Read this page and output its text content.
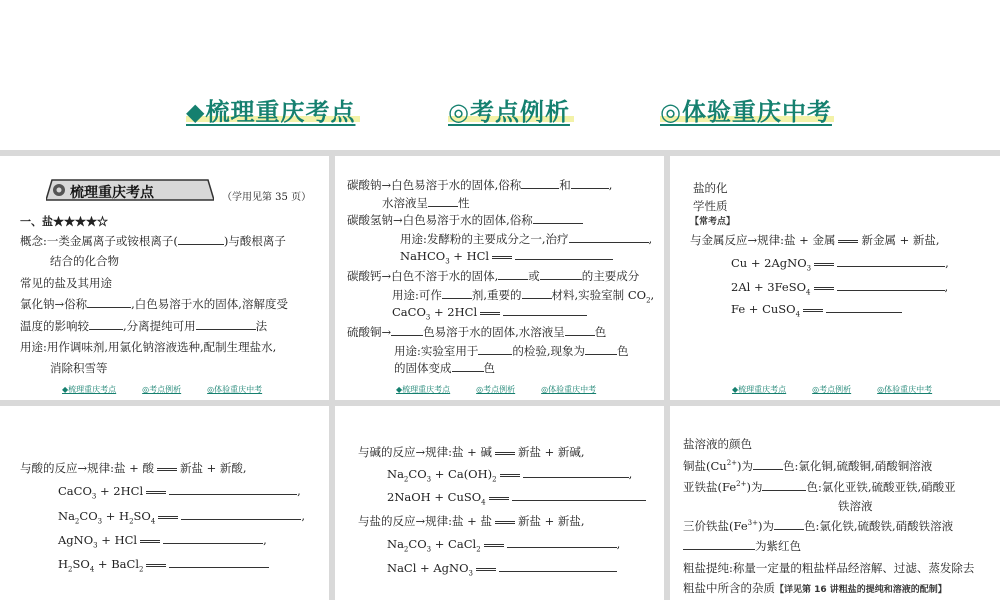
◆梳理重庆考点	◎考点例析	◎体验重庆中考
梳理重庆考点	（学用见第 35 页）
一、盐★★★★☆
概念:一类金属离子或铵根离子(	)与酸根离子
结合的化合物
常见的盐及其用途
氯化钠→俗称	,白色易溶于水的固体,溶解度受
温度的影响较	,分离提纯可用	法
用途:用作调味剂,用氯化钠溶液选种,配制生理盐水,
消除积雪等
◆梳理重庆考点	◎考点例析	◎体验重庆中考
碳酸钠→白色易溶于水的固体,俗称	和	,
水溶液呈	性
碳酸氢钠→白色易溶于水的固体,俗称
用途:发酵粉的主要成分之一,治疗	,
NaHCO$_3$ + HCl
碳酸钙→白色不溶于水的固体,	或	的主要成分
用途:可作	剂,重要的	材料,实验室制 $CO_2$,
CaCO$_3$ + 2HCl
硫酸铜→	色易溶于水的固体,水溶液呈	色
用途:实验室用于	的检验,现象为	色
的固体变成	色
◆梳理重庆考点	◎考点例析	◎体验重庆中考
盐的化
学性质
【常考点】
与金属反应→规律:盐 + 金属 新金属 + 新盐,
Cu + 2AgNO$_3$	,
2Al + 3FeSO$_4$	,
Fe + CuSO$_4$
◆梳理重庆考点	◎考点例析	◎体验重庆中考
与酸的反应→规律:盐 + 酸 新盐 + 新酸,
CaCO$_3$ + 2HCl	,
$Na_2CO_3 + H_2SO_4$	,
AgNO$_3$ + HCl	,
$H_2SO_4$ + BaCl$_2$
与碱的反应→规律:盐 + 碱 新盐 + 新碱,
$Na_2CO_3 + Ca(OH)_2$	,
2NaOH + CuSO$_4$
与盐的反应→规律:盐 + 盐 新盐 + 新盐,
$Na_2CO_3$ + CaCl$_2$	,
NaCl + AgNO$_3$
盐溶液的颜色
铜盐$(Cu^{2+})$为	色:氯化铜,硫酸铜,硝酸铜溶液
亚铁盐$(Fe^{2+})$为	色:氯化亚铁,硫酸亚铁,硝酸亚
铁溶液
三价铁盐$(Fe^{3+})$为	色:氯化铁,硫酸铁,硝酸铁溶液
为紫红色
粗盐提纯:称量一定量的粗盐样品经溶解、过滤、蒸发除去
粗盐中所含的杂质【详见第 16 讲粗盐的提纯和溶液的配制】
